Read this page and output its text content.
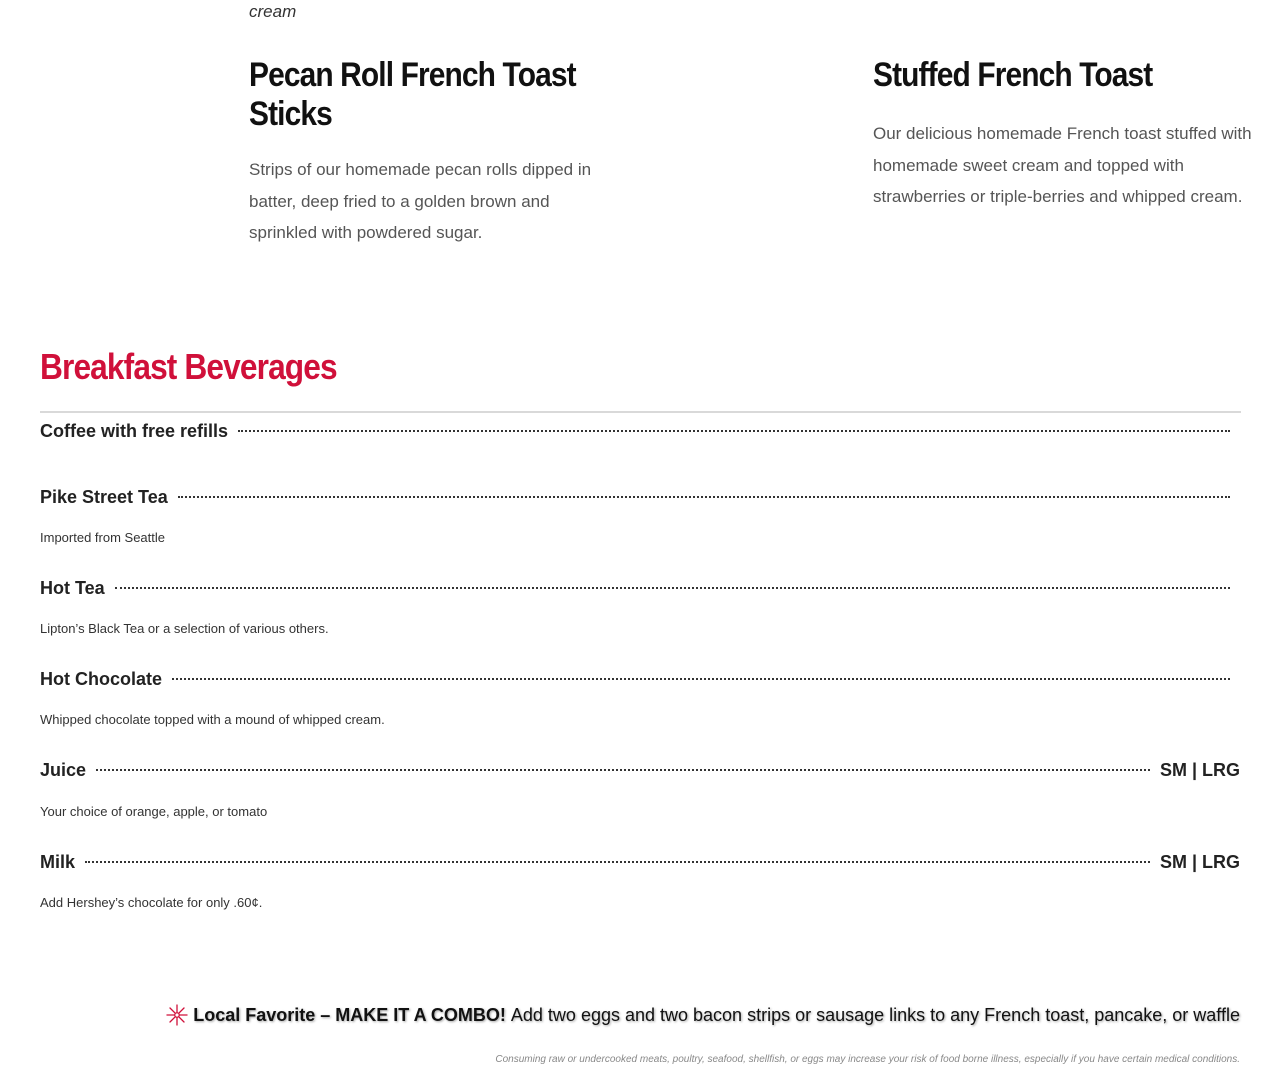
cream
Pecan Roll French Toast Sticks

Strips of our homemade pecan rolls dipped in batter, deep fried to a golden brown and sprinkled with powdered sugar.

Stuffed French Toast

Our delicious homemade French toast stuffed with homemade sweet cream and topped with strawberries or triple-berries and whipped cream.

Breakfast Beverages
Coffee with free refills
Pike Street Tea
Imported from Seattle
Hot Tea
Lipton’s Black Tea or a selection of various others.
Hot Chocolate
Whipped chocolate topped with a mound of whipped cream.
Juice	SM | LRG
Your choice of orange, apple, or tomato
Milk	SM | LRG
Add Hershey’s chocolate for only .60¢.
Local Favorite – MAKE IT A COMBO! Add two eggs and two bacon strips or sausage links to any French toast, pancake, or waffle
Consuming raw or undercooked meats, poultry, seafood, shellfish, or eggs may increase your risk of food borne illness, especially if you have certain medical conditions.
